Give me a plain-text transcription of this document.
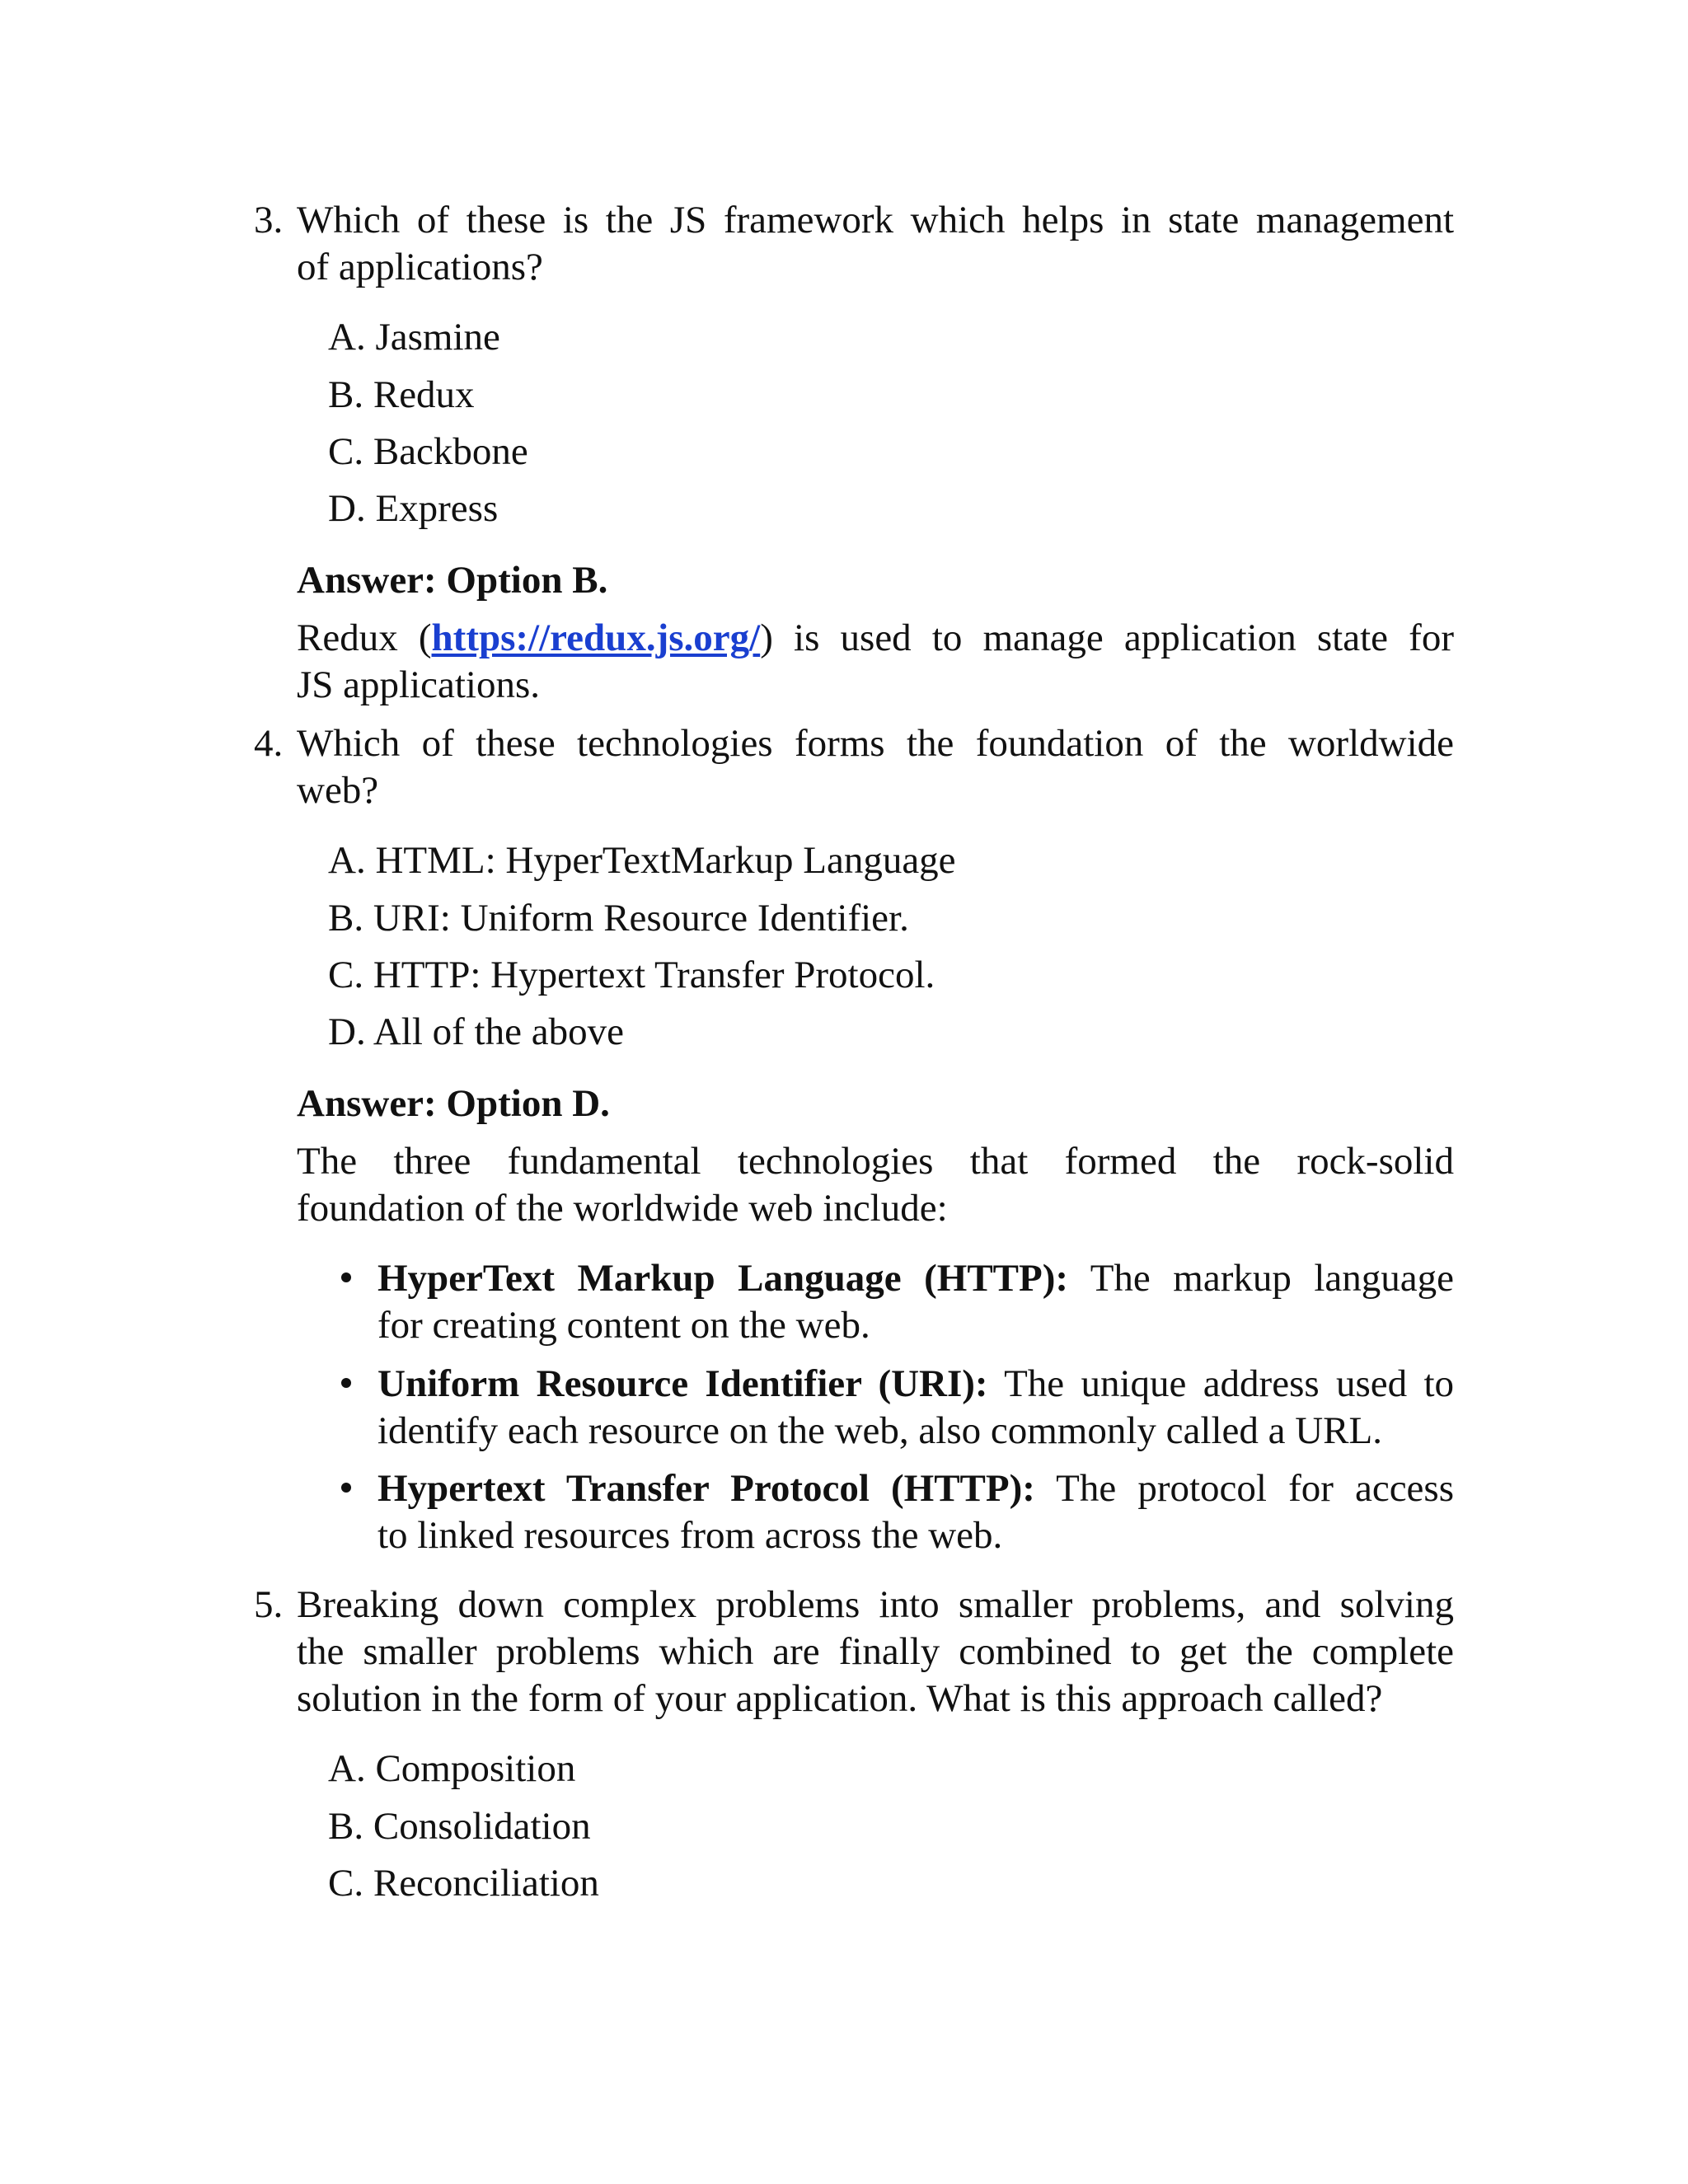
3. Which of these is the JS framework which helps in state management
of applications?
A. Jasmine
B. Redux
C. Backbone
D. Express
Answer: Option B.
Redux (https://redux.js.org/) is used to manage application state for
JS applications.
4. Which of these technologies forms the foundation of the worldwide
web?
A. HTML: HyperTextMarkup Language
B. URI: Uniform Resource Identifier.
C. HTTP: Hypertext Transfer Protocol.
D. All of the above
Answer: Option D.
The three fundamental technologies that formed the rock-solid
foundation of the worldwide web include:
HyperText Markup Language (HTTP): The markup language
for creating content on the web.
Uniform Resource Identifier (URI): The unique address used to
identify each resource on the web, also commonly called a URL.
Hypertext Transfer Protocol (HTTP): The protocol for access
to linked resources from across the web.
5. Breaking down complex problems into smaller problems, and solving
the smaller problems which are finally combined to get the complete
solution in the form of your application. What is this approach called?
A. Composition
B. Consolidation
C. Reconciliation
